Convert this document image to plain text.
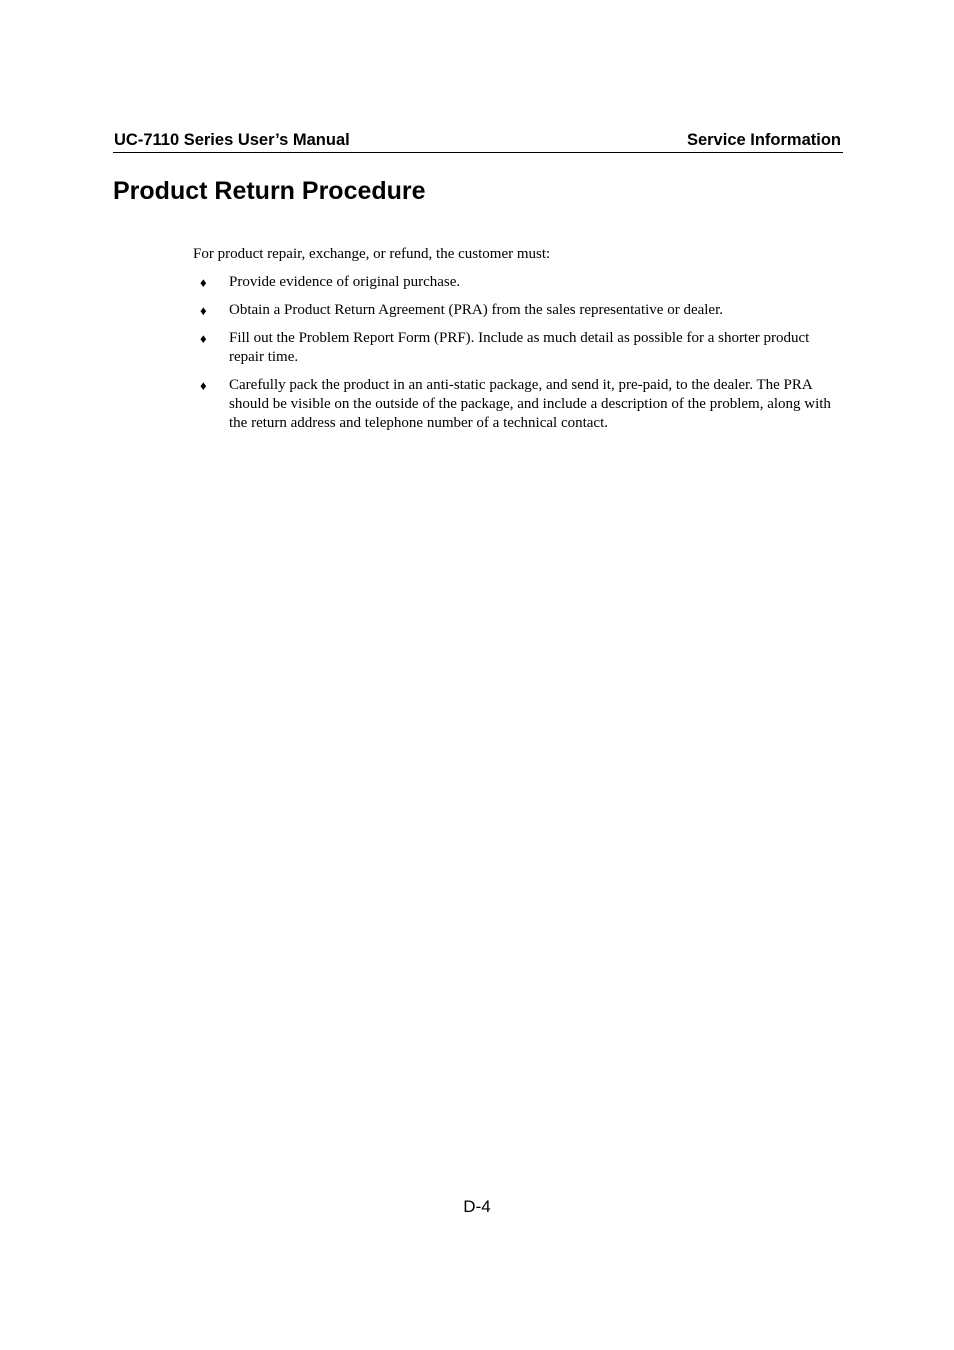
UC-7110 Series User’s Manual	Service Information
Product Return Procedure

For product repair, exchange, or refund, the customer must:

♦ Provide evidence of original purchase.
♦ Obtain a Product Return Agreement (PRA) from the sales representative or dealer.
♦ Fill out the Problem Report Form (PRF). Include as much detail as possible for a shorter product repair time.
♦ Carefully pack the product in an anti-static package, and send it, pre-paid, to the dealer. The PRA should be visible on the outside of the package, and include a description of the problem, along with the return address and telephone number of a technical contact.
D-4
